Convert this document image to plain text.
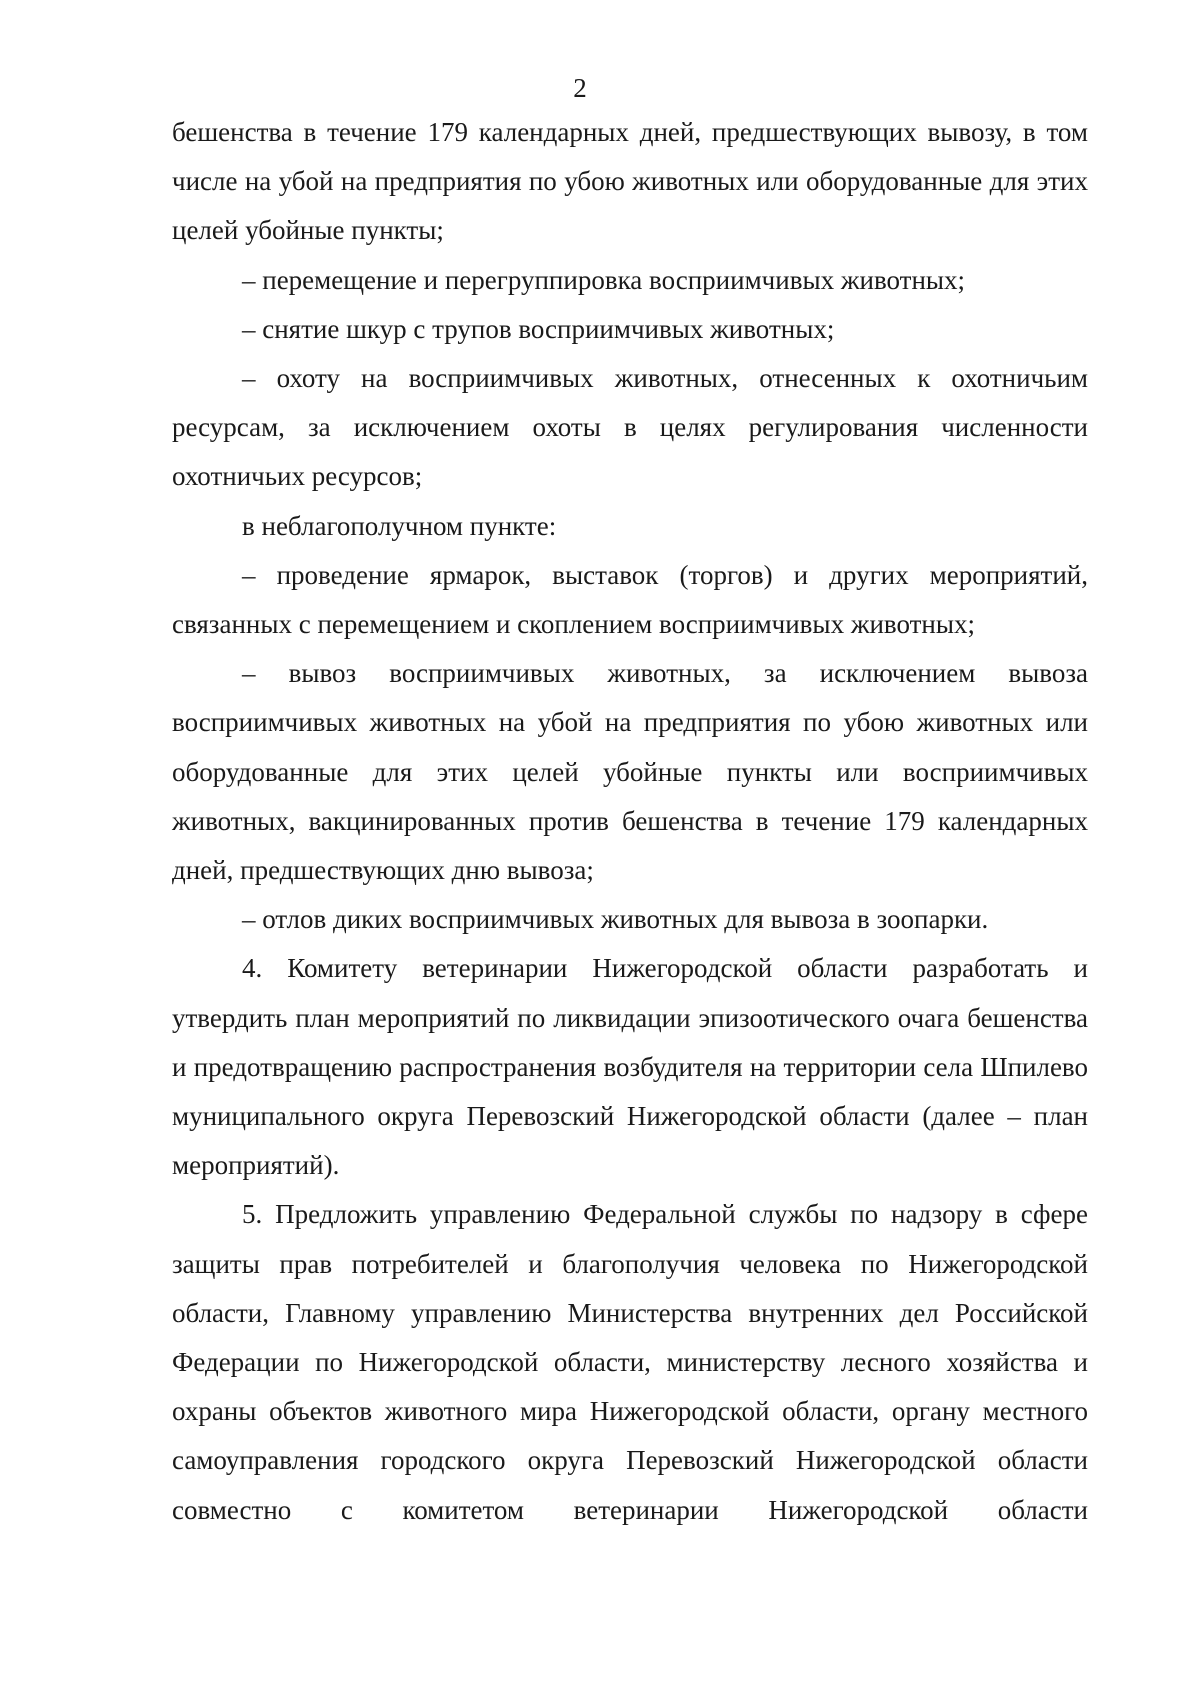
2

бешенства в течение 179 календарных дней, предшествующих вывозу, в том числе на убой на предприятия по убою животных или оборудованные для этих целей убойные пункты;

– перемещение и перегруппировка восприимчивых животных;

– снятие шкур с трупов восприимчивых животных;

– охоту на восприимчивых животных, отнесенных к охотничьим ресурсам, за исключением охоты в целях регулирования численности охотничьих ресурсов;

в неблагополучном пункте:

– проведение ярмарок, выставок (торгов) и других мероприятий, связанных с перемещением и скоплением восприимчивых животных;

– вывоз восприимчивых животных, за исключением вывоза восприимчивых животных на убой на предприятия по убою животных или оборудованные для этих целей убойные пункты или восприимчивых животных, вакцинированных против бешенства в течение 179 календарных дней, предшествующих дню вывоза;

– отлов диких восприимчивых животных для вывоза в зоопарки.

4. Комитету ветеринарии Нижегородской области разработать и утвердить план мероприятий по ликвидации эпизоотического очага бешенства и предотвращению распространения возбудителя на территории села Шпилево муниципального округа Перевозский Нижегородской области (далее – план мероприятий).

5. Предложить управлению Федеральной службы по надзору в сфере защиты прав потребителей и благополучия человека по Нижегородской области, Главному управлению Министерства внутренних дел Российской Федерации по Нижегородской области, министерству лесного хозяйства и охраны объектов животного мира Нижегородской области, органу местного самоуправления городского округа Перевозский Нижегородской области совместно с комитетом ветеринарии Нижегородской области
